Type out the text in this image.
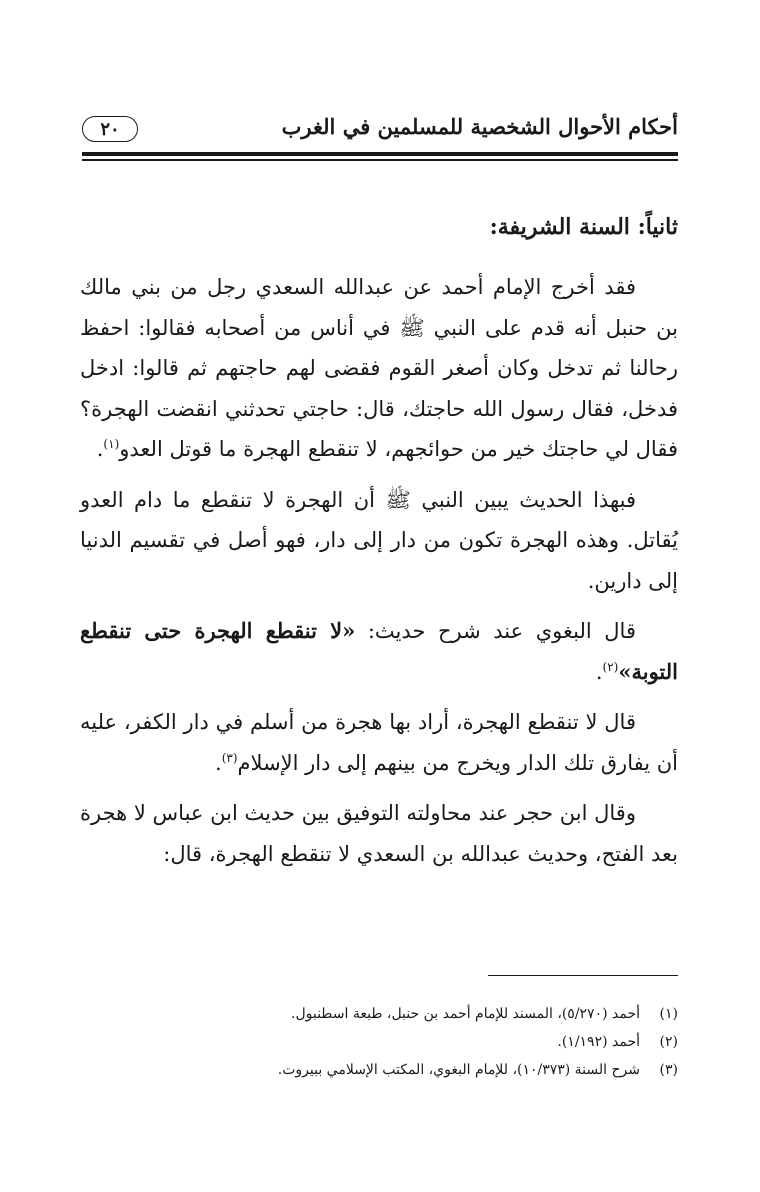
أحكام الأحوال الشخصية للمسلمين في الغرب
٢٠
ثانياً: السنة الشريفة:

فقد أخرج الإمام أحمد عن عبدالله السعدي رجل من بني مالك بن حنبل أنه قدم على النبي ﷺ في أناس من أصحابه فقالوا: احفظ رحالنا ثم تدخل وكان أصغر القوم فقضى لهم حاجتهم ثم قالوا: ادخل فدخل، فقال رسول الله حاجتك، قال: حاجتي تحدثني انقضت الهجرة؟ فقال لي حاجتك خير من حوائجهم، لا تنقطع الهجرة ما قوتل العدو$^{(١)}$.

فبهذا الحديث يبين النبي ﷺ أن الهجرة لا تنقطع ما دام العدو يُقاتل. وهذه الهجرة تكون من دار إلى دار، فهو أصل في تقسيم الدنيا إلى دارين.

قال البغوي عند شرح حديث: «لا تنقطع الهجرة حتى تنقطع التوبة»$^{(٢)}$.

قال لا تنقطع الهجرة، أراد بها هجرة من أسلم في دار الكفر، عليه أن يفارق تلك الدار ويخرج من بينهم إلى دار الإسلام$^{(٣)}$.

وقال ابن حجر عند محاولته التوفيق بين حديث ابن عباس لا هجرة بعد الفتح، وحديث عبدالله بن السعدي لا تنقطع الهجرة، قال:

(١)
أحمد (٥/٢٧٠)، المسند للإمام أحمد بن حنبل، طبعة اسطنبول.
(٢)
أحمد (١/١٩٢).
(٣)
شرح السنة (١٠/٣٧٣)، للإمام البغوي، المكتب الإسلامي ببيروت.
